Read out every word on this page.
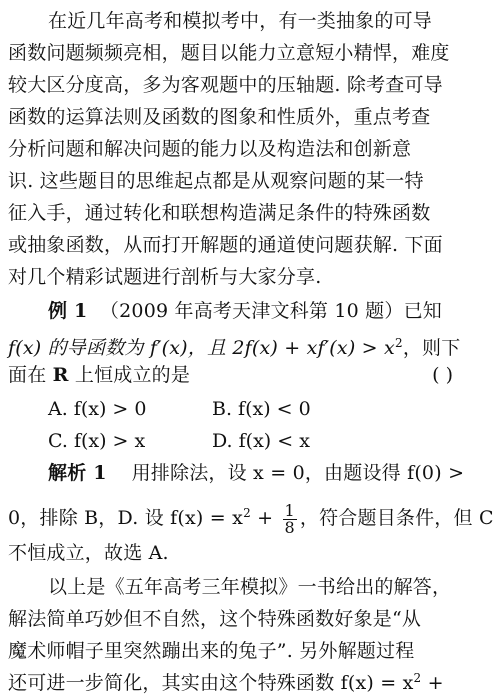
在近几年高考和模拟考中，有一类抽象的可导
函数问题频频亮相，题目以能力立意短小精悍，难度
较大区分度高，多为客观题中的压轴题. 除考查可导
函数的运算法则及函数的图象和性质外，重点考查
分析问题和解决问题的能力以及构造法和创新意
识. 这些题目的思维起点都是从观察问题的某一特
征入手，通过转化和联想构造满足条件的特殊函数
或抽象函数，从而打开解题的通道使问题获解. 下面
对几个精彩试题进行剖析与大家分享.
例 1 （2009 年高考天津文科第 10 题）已知
f(x) 的导函数为 f′(x)，且 $2f(x) + xf'(x) > x^2$，则下
面在 R 上恒成立的是	( )
A. f(x) > 0	B. f(x) < 0
C. f(x) > x	D. f(x) < x
解析 1 用排除法，设 x = 0，由题设得 f(0) >
0，排除 B，D. 设 $f(x) = x^2 + \frac{1}{8}$ ，符合题目条件，但 C
不恒成立，故选 A.
以上是《五年高考三年模拟》一书给出的解答，
解法简单巧妙但不自然，这个特殊函数好象是“从
魔术师帽子里突然蹦出来的兔子”. 另外解题过程
还可进一步简化，其实由这个特殊函数 $f(x) = x^2$ +
